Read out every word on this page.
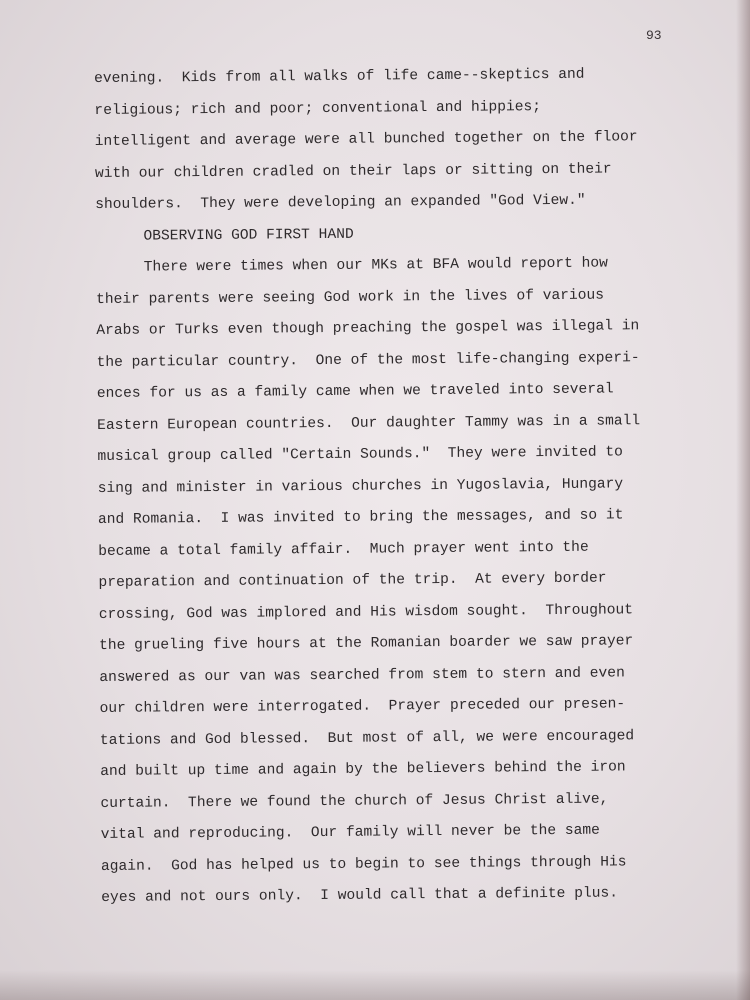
93
evening.  Kids from all walks of life came--skeptics and
religious; rich and poor; conventional and hippies;
intelligent and average were all bunched together on the floor
with our children cradled on their laps or sitting on their
shoulders.  They were developing an expanded "God View."
OBSERVING GOD FIRST HAND
There were times when our MKs at BFA would report how
their parents were seeing God work in the lives of various
Arabs or Turks even though preaching the gospel was illegal in
the particular country.  One of the most life-changing experi-
ences for us as a family came when we traveled into several
Eastern European countries.  Our daughter Tammy was in a small
musical group called "Certain Sounds."  They were invited to
sing and minister in various churches in Yugoslavia, Hungary
and Romania.  I was invited to bring the messages, and so it
became a total family affair.  Much prayer went into the
preparation and continuation of the trip.  At every border
crossing, God was implored and His wisdom sought.  Throughout
the grueling five hours at the Romanian boarder we saw prayer
answered as our van was searched from stem to stern and even
our children were interrogated.  Prayer preceded our presen-
tations and God blessed.  But most of all, we were encouraged
and built up time and again by the believers behind the iron
curtain.  There we found the church of Jesus Christ alive,
vital and reproducing.  Our family will never be the same
again.  God has helped us to begin to see things through His
eyes and not ours only.  I would call that a definite plus.
